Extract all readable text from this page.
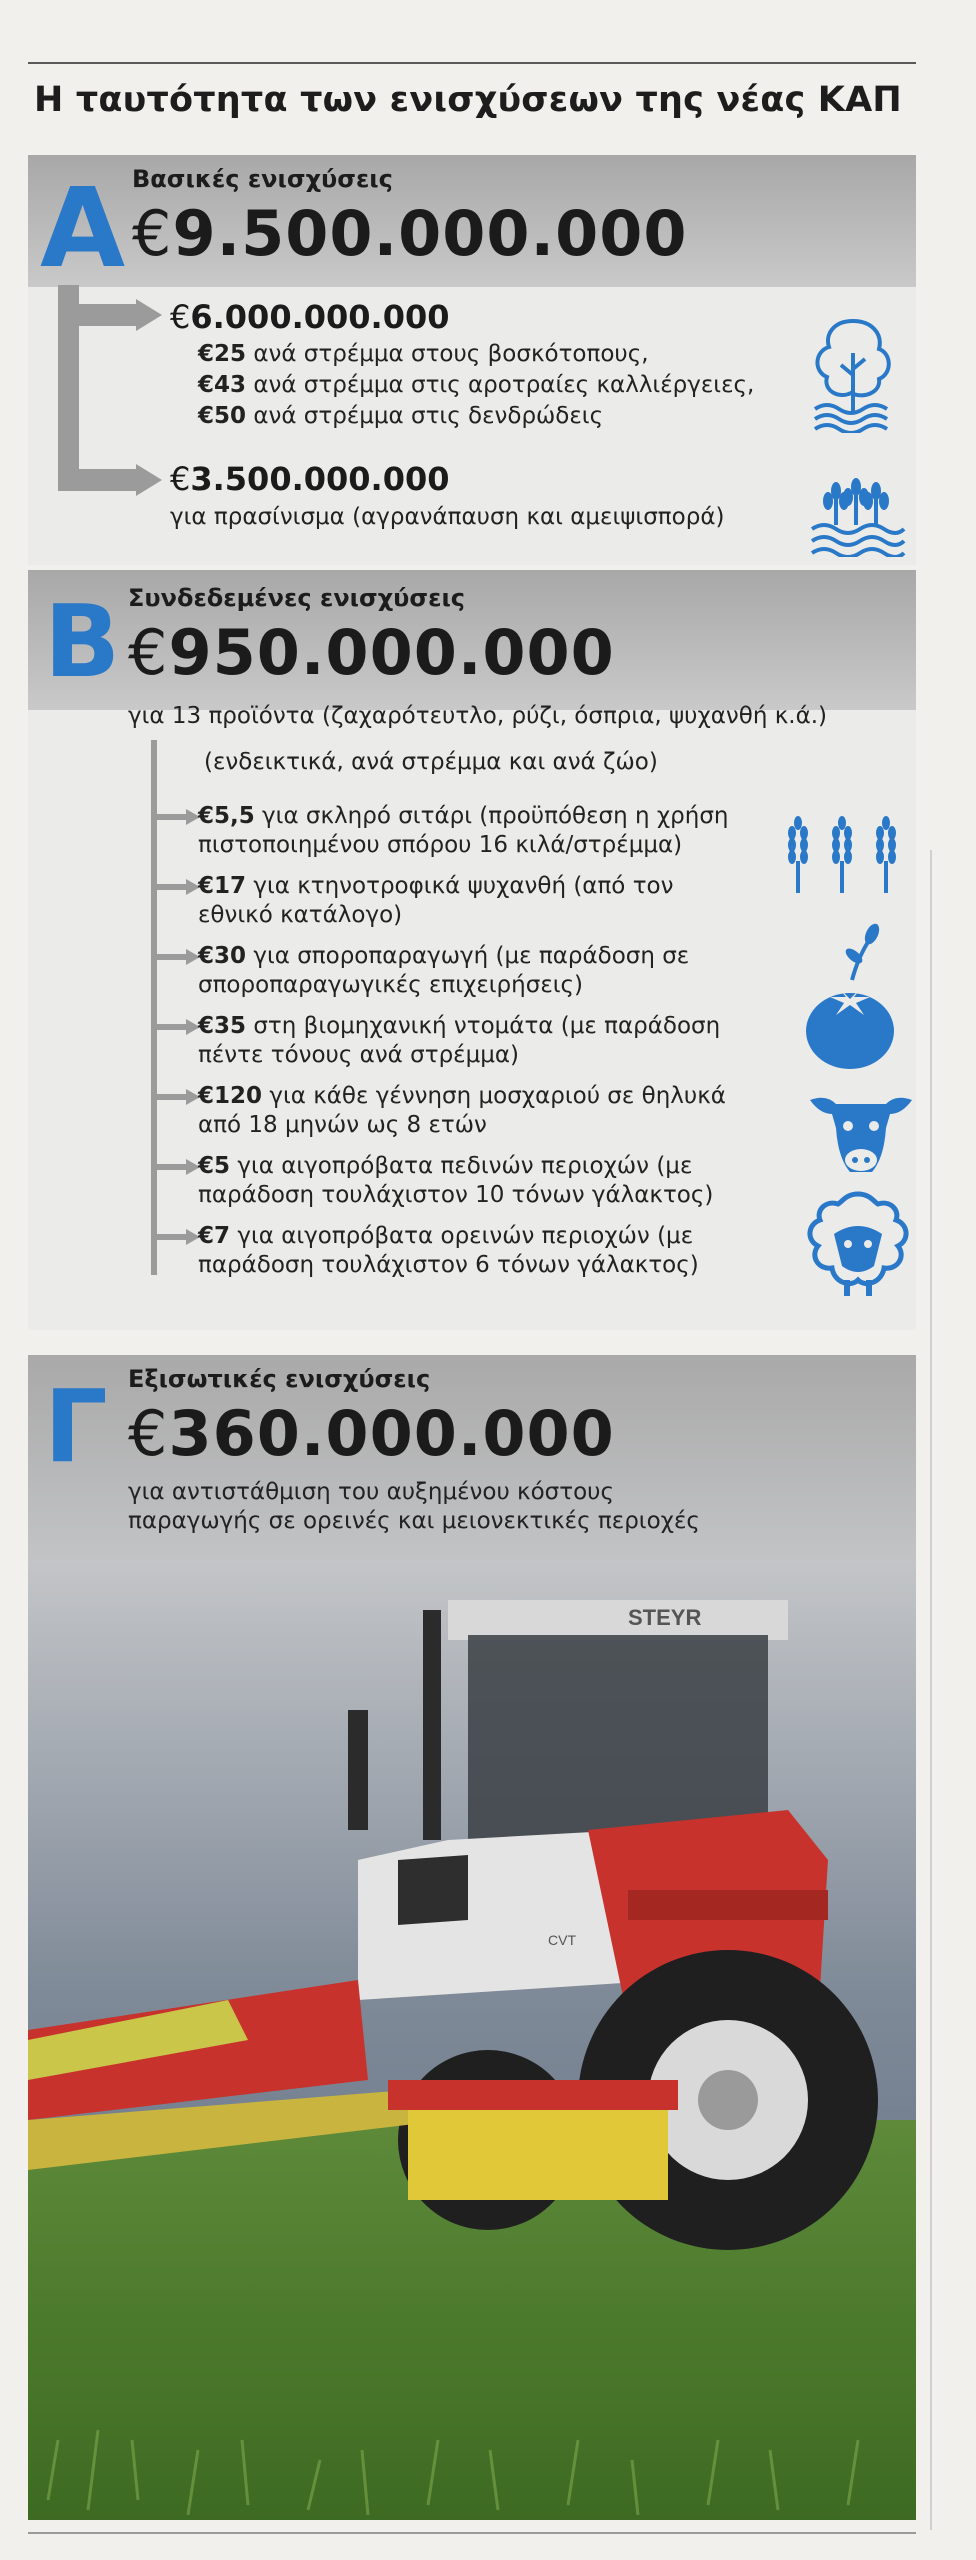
Η ταυτότητα των ενισχύσεων της νέας ΚΑΠ
Α Βασικές ενισχύσεις
€9.500.000.000
€6.000.000.000
€25 ανά στρέμμα στους βοσκότοπους,
€43 ανά στρέμμα στις αροτραίες καλλιέργειες,
€50 ανά στρέμμα στις δενδρώδεις
€3.500.000.000
για πρασίνισμα (αγρανάπαυση και αμειψισπορά)
Β Συνδεδεμένες ενισχύσεις
€950.000.000
για 13 προϊόντα (ζαχαρότευτλο, ρύζι, όσπρια, ψυχανθή κ.ά.)
(ενδεικτικά, ανά στρέμμα και ανά ζώο)
€5,5 για σκληρό σιτάρι (προϋπόθεση η χρήση
πιστοποιημένου σπόρου 16 κιλά/στρέμμα)
€17 για κτηνοτροφικά ψυχανθή (από τον
εθνικό κατάλογο)
€30 για σποροπαραγωγή (με παράδοση σε
σποροπαραγωγικές επιχειρήσεις)
€35 στη βιομηχανική ντομάτα (με παράδοση
πέντε τόνους ανά στρέμμα)
€120 για κάθε γέννηση μοσχαριού σε θηλυκά
από 18 μηνών ως 8 ετών
€5 για αιγοπρόβατα πεδινών περιοχών (με
παράδοση τουλάχιστον 10 τόνων γάλακτος)
€7 για αιγοπρόβατα ορεινών περιοχών (με
παράδοση τουλάχιστον 6 τόνων γάλακτος)
Γ Εξισωτικές ενισχύσεις
€360.000.000
για αντιστάθμιση του αυξημένου κόστους
παραγωγής σε ορεινές και μειονεκτικές περιοχές
STEYR
CVT
